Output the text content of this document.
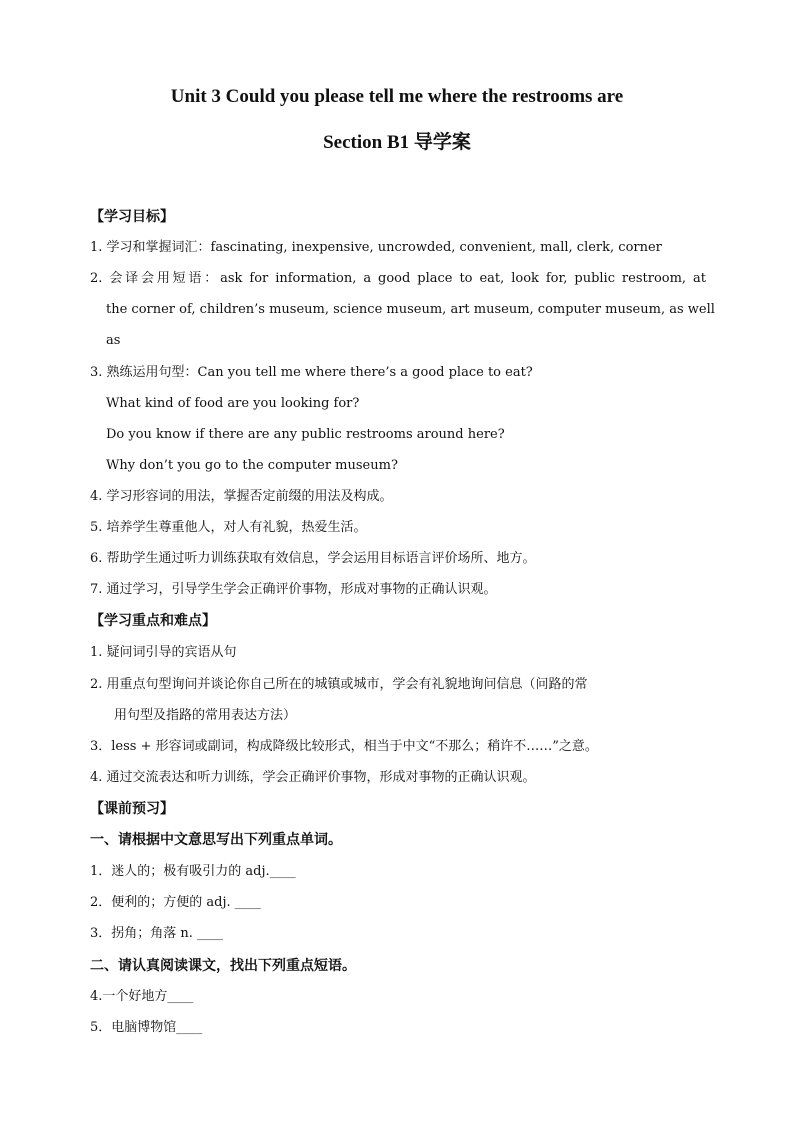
Unit 3 Could you please tell me where the restrooms are
Section B1 导学案
【学习目标】
1. 学习和掌握词汇：fascinating, inexpensive, uncrowded, convenient, mall, clerk, corner
2. 会译会用短语：ask for information, a good place to eat, look for, public restroom, at
the corner of, children’s museum, science museum, art museum, computer museum, as well
as
3. 熟练运用句型：Can you tell me where there’s a good place to eat?
What kind of food are you looking for?
Do you know if there are any public restrooms around here?
Why don’t you go to the computer museum?
4. 学习形容词的用法，掌握否定前缀的用法及构成。
5. 培养学生尊重他人，对人有礼貌，热爱生活。
6. 帮助学生通过听力训练获取有效信息，学会运用目标语言评价场所、地方。
7. 通过学习，引导学生学会正确评价事物，形成对事物的正确认识观。
【学习重点和难点】
1. 疑问词引导的宾语从句
2. 用重点句型询问并谈论你自己所在的城镇或城市，学会有礼貌地询问信息（问路的常
用句型及指路的常用表达方法）
3．less + 形容词或副词，构成降级比较形式，相当于中文“不那么；稍许不……”之意。
4. 通过交流表达和听力训练，学会正确评价事物，形成对事物的正确认识观。
【课前预习】
一、请根据中文意思写出下列重点单词。
1．迷人的；极有吸引力的 adj.____
2．便利的；方便的 adj. ____
3．拐角；角落 n. ____
二、请认真阅读课文，找出下列重点短语。
4.一个好地方____
5．电脑博物馆____
